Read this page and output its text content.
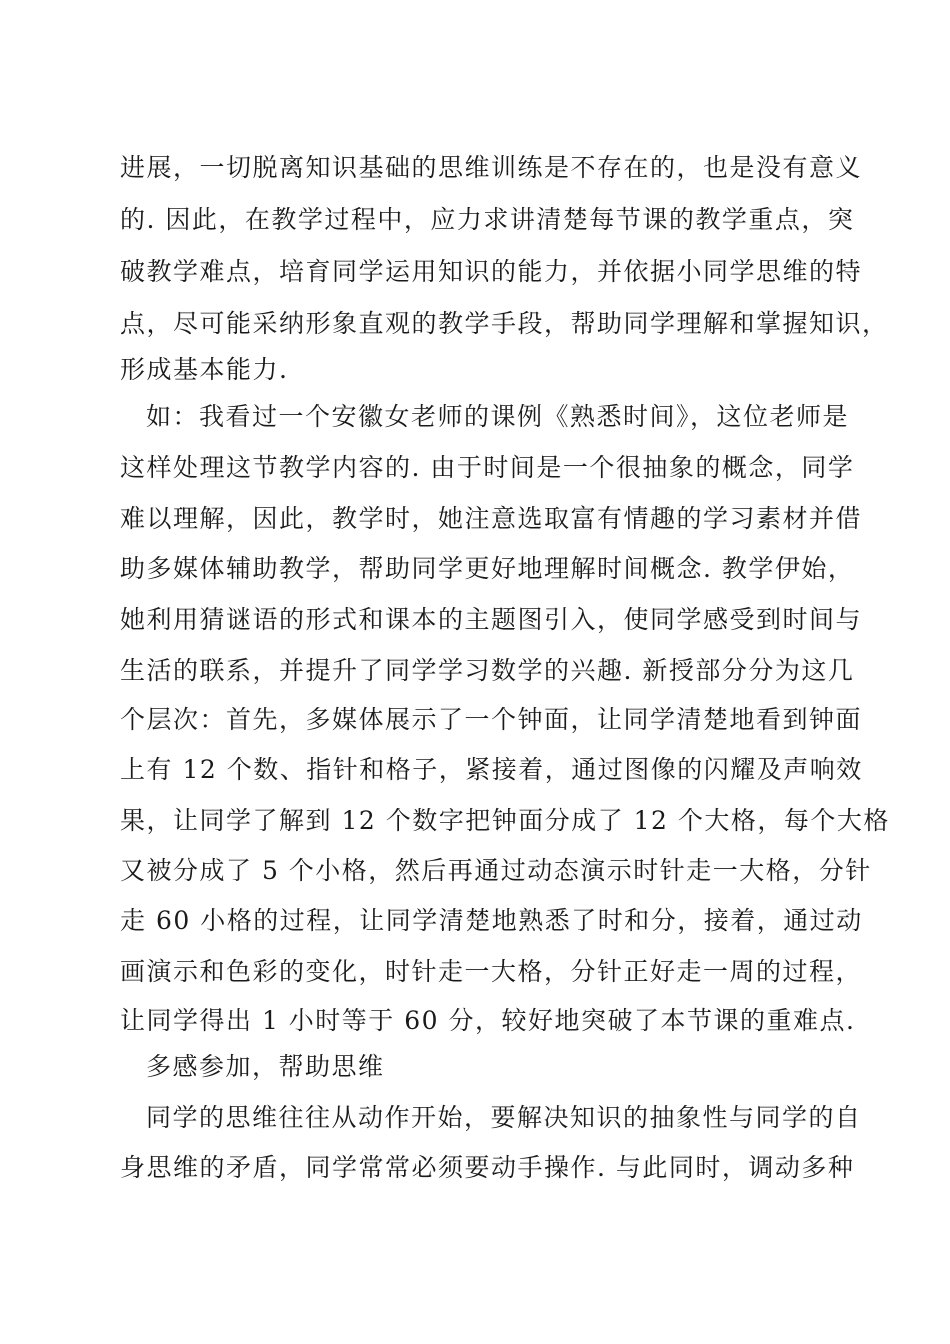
进展，一切脱离知识基础的思维训练是不存在的，也是没有意义
的. 因此，在教学过程中，应力求讲清楚每节课的教学重点，突
破教学难点，培育同学运用知识的能力，并依据小同学思维的特
点，尽可能采纳形象直观的教学手段，帮助同学理解和掌握知识，
形成基本能力.
如：我看过一个安徽女老师的课例《熟悉时间》，这位老师是
这样处理这节教学内容的. 由于时间是一个很抽象的概念，同学
难以理解，因此，教学时，她注意选取富有情趣的学习素材并借
助多媒体辅助教学，帮助同学更好地理解时间概念. 教学伊始，
她利用猜谜语的形式和课本的主题图引入，使同学感受到时间与
生活的联系，并提升了同学学习数学的兴趣. 新授部分分为这几
个层次：首先，多媒体展示了一个钟面，让同学清楚地看到钟面
上有 12 个数、指针和格子，紧接着，通过图像的闪耀及声响效
果，让同学了解到 12 个数字把钟面分成了 12 个大格，每个大格
又被分成了 5 个小格，然后再通过动态演示时针走一大格，分针
走 60 小格的过程，让同学清楚地熟悉了时和分，接着，通过动
画演示和色彩的变化，时针走一大格，分针正好走一周的过程，
让同学得出 1 小时等于 60 分，较好地突破了本节课的重难点.
多感参加，帮助思维
同学的思维往往从动作开始，要解决知识的抽象性与同学的自
身思维的矛盾，同学常常必须要动手操作. 与此同时，调动多种
